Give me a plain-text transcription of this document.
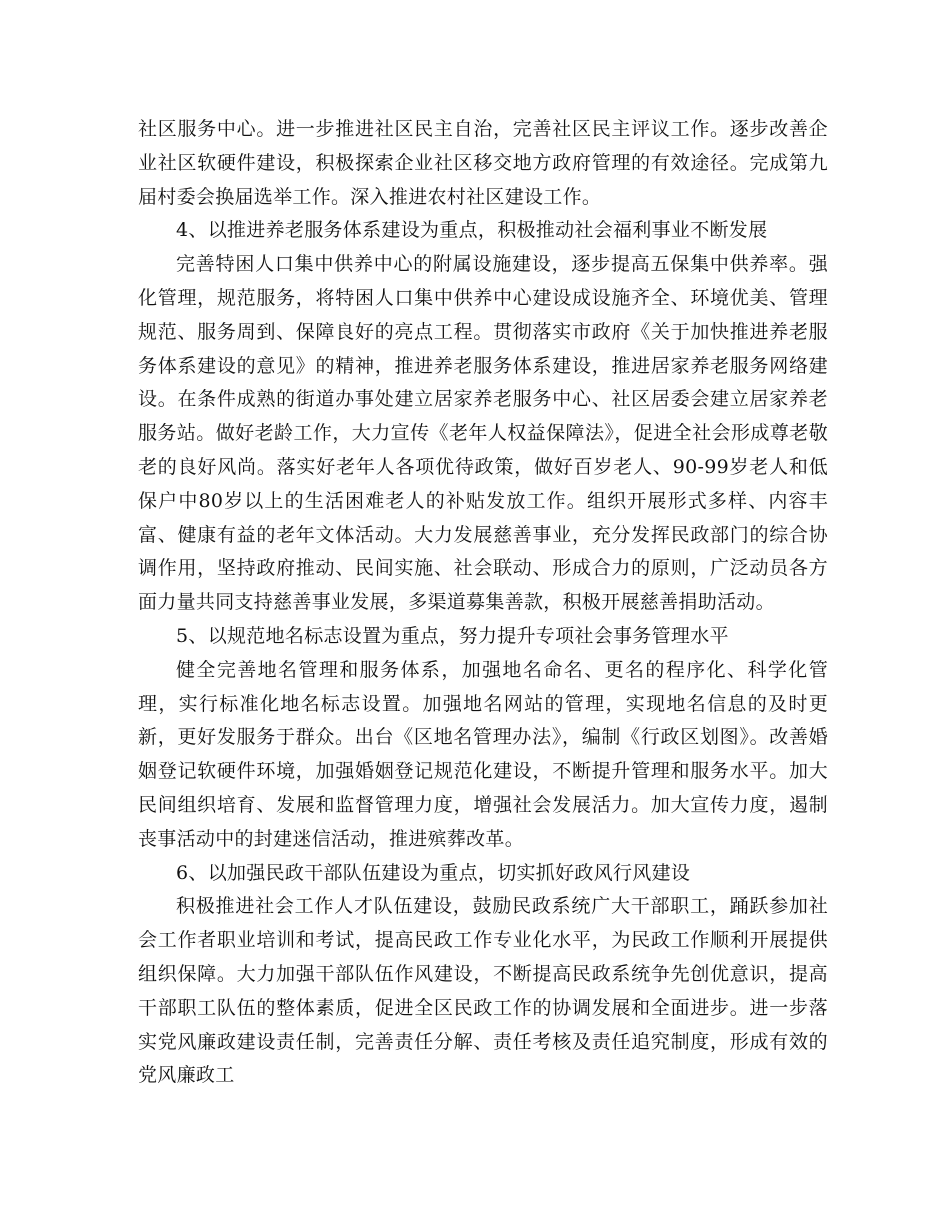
社区服务中心。进一步推进社区民主自治，完善社区民主评议工作。逐步改善企业社区软硬件建设，积极探索企业社区移交地方政府管理的有效途径。完成第九届村委会换届选举工作。深入推进农村社区建设工作。

4、以推进养老服务体系建设为重点，积极推动社会福利事业不断发展

完善特困人口集中供养中心的附属设施建设，逐步提高五保集中供养率。强化管理，规范服务，将特困人口集中供养中心建设成设施齐全、环境优美、管理规范、服务周到、保障良好的亮点工程。贯彻落实市政府《关于加快推进养老服务体系建设的意见》的精神，推进养老服务体系建设，推进居家养老服务网络建设。在条件成熟的街道办事处建立居家养老服务中心、社区居委会建立居家养老服务站。做好老龄工作，大力宣传《老年人权益保障法》，促进全社会形成尊老敬老的良好风尚。落实好老年人各项优待政策，做好百岁老人、90-99岁老人和低保户中80岁以上的生活困难老人的补贴发放工作。组织开展形式多样、内容丰富、健康有益的老年文体活动。大力发展慈善事业，充分发挥民政部门的综合协调作用，坚持政府推动、民间实施、社会联动、形成合力的原则，广泛动员各方面力量共同支持慈善事业发展，多渠道募集善款，积极开展慈善捐助活动。

5、以规范地名标志设置为重点，努力提升专项社会事务管理水平

健全完善地名管理和服务体系，加强地名命名、更名的程序化、科学化管理，实行标准化地名标志设置。加强地名网站的管理，实现地名信息的及时更新，更好发服务于群众。出台《区地名管理办法》，编制《行政区划图》。改善婚姻登记软硬件环境，加强婚姻登记规范化建设，不断提升管理和服务水平。加大民间组织培育、发展和监督管理力度，增强社会发展活力。加大宣传力度，遏制丧事活动中的封建迷信活动，推进殡葬改革。

6、以加强民政干部队伍建设为重点，切实抓好政风行风建设

积极推进社会工作人才队伍建设，鼓励民政系统广大干部职工，踊跃参加社会工作者职业培训和考试，提高民政工作专业化水平，为民政工作顺利开展提供组织保障。大力加强干部队伍作风建设，不断提高民政系统争先创优意识，提高干部职工队伍的整体素质，促进全区民政工作的协调发展和全面进步。进一步落实党风廉政建设责任制，完善责任分解、责任考核及责任追究制度，形成有效的党风廉政工
